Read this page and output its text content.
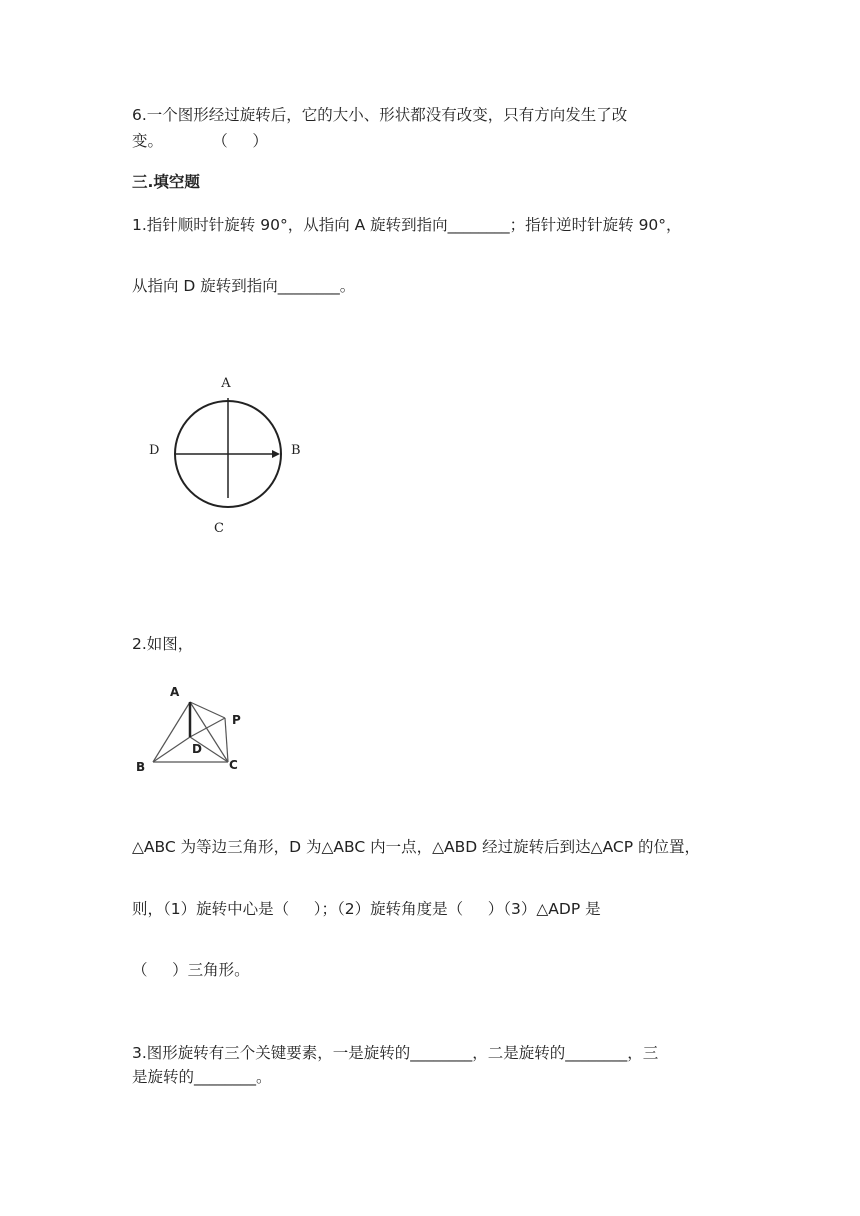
6.一个图形经过旋转后，它的大小、形状都没有改变，只有方向发生了改

变。          （     ）

三.填空题

1.指针顺时针旋转 90°，从指向 A 旋转到指向________；指针逆时针旋转 90°，

从指向 D 旋转到指向________。

A
B
C
D

2.如图，

A
B	C
D
P

△ABC 为等边三角形，D 为△ABC 内一点，△ABD 经过旋转后到达△ACP 的位置，

则，（1）旋转中心是（     ）；（2）旋转角度是（     ）（3）△ADP 是

（     ）三角形。

3.图形旋转有三个关键要素，一是旋转的________，二是旋转的________，三

是旋转的________。
